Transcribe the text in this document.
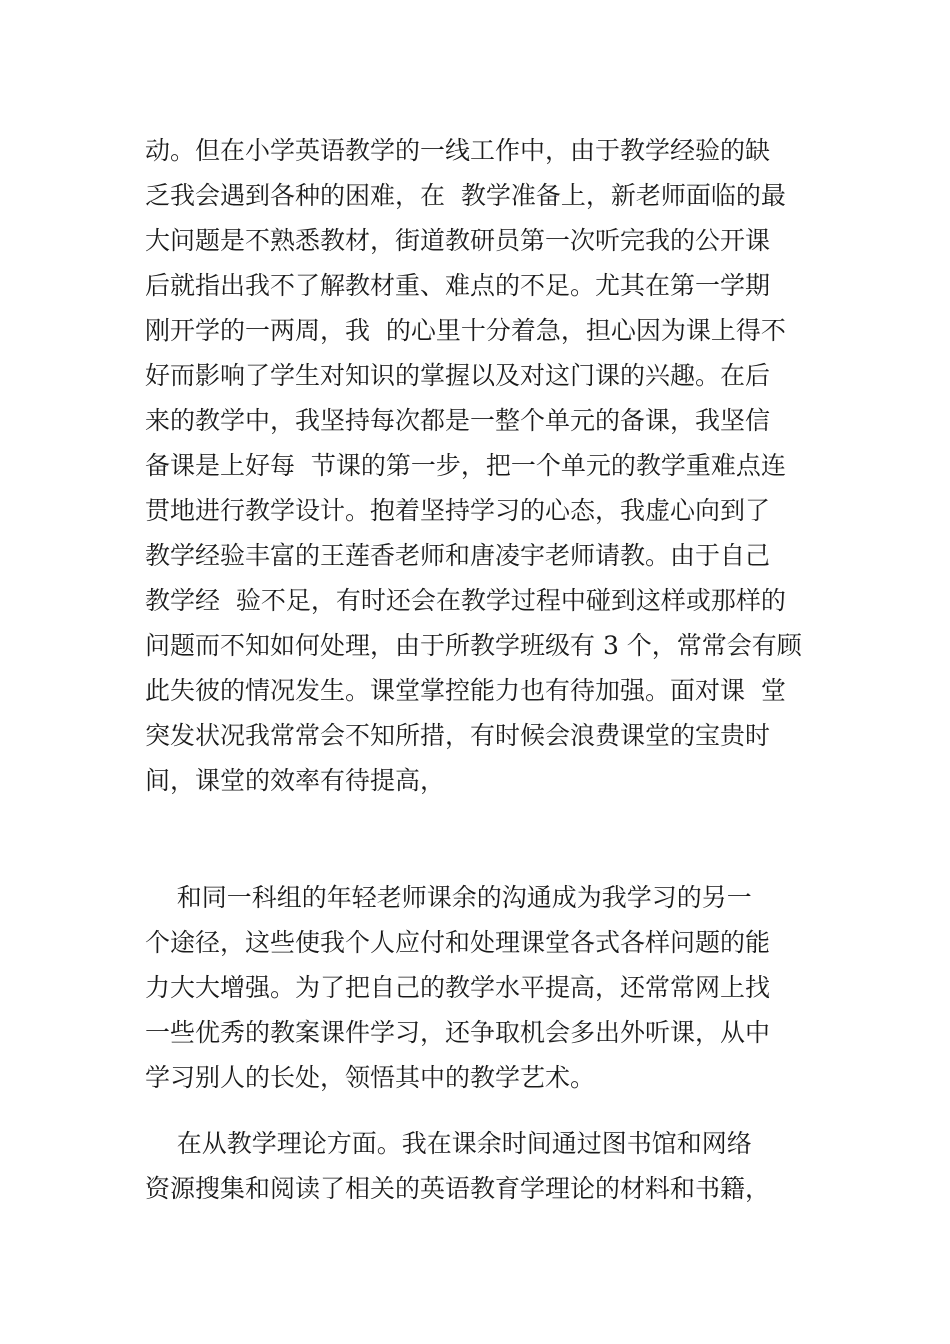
动。但在小学英语教学的一线工作中，由于教学经验的缺
乏我会遇到各种的困难，在  教学准备上，新老师面临的最
大问题是不熟悉教材，街道教研员第一次听完我的公开课
后就指出我不了解教材重、难点的不足。尤其在第一学期
刚开学的一两周，我  的心里十分着急，担心因为课上得不
好而影响了学生对知识的掌握以及对这门课的兴趣。在后
来的教学中，我坚持每次都是一整个单元的备课，我坚信
备课是上好每  节课的第一步，把一个单元的教学重难点连
贯地进行教学设计。抱着坚持学习的心态，我虚心向到了
教学经验丰富的王莲香老师和唐凌宇老师请教。由于自己
教学经  验不足，有时还会在教学过程中碰到这样或那样的
问题而不知如何处理，由于所教学班级有 3 个，常常会有顾
此失彼的情况发生。课堂掌控能力也有待加强。面对课  堂
突发状况我常常会不知所措，有时候会浪费课堂的宝贵时
间，课堂的效率有待提高，
和同一科组的年轻老师课余的沟通成为我学习的另一
个途径，这些使我个人应付和处理课堂各式各样问题的能
力大大增强。为了把自己的教学水平提高，还常常网上找
一些优秀的教案课件学习，还争取机会多出外听课，从中
学习别人的长处，领悟其中的教学艺术。
在从教学理论方面。我在课余时间通过图书馆和网络
资源搜集和阅读了相关的英语教育学理论的材料和书籍，
